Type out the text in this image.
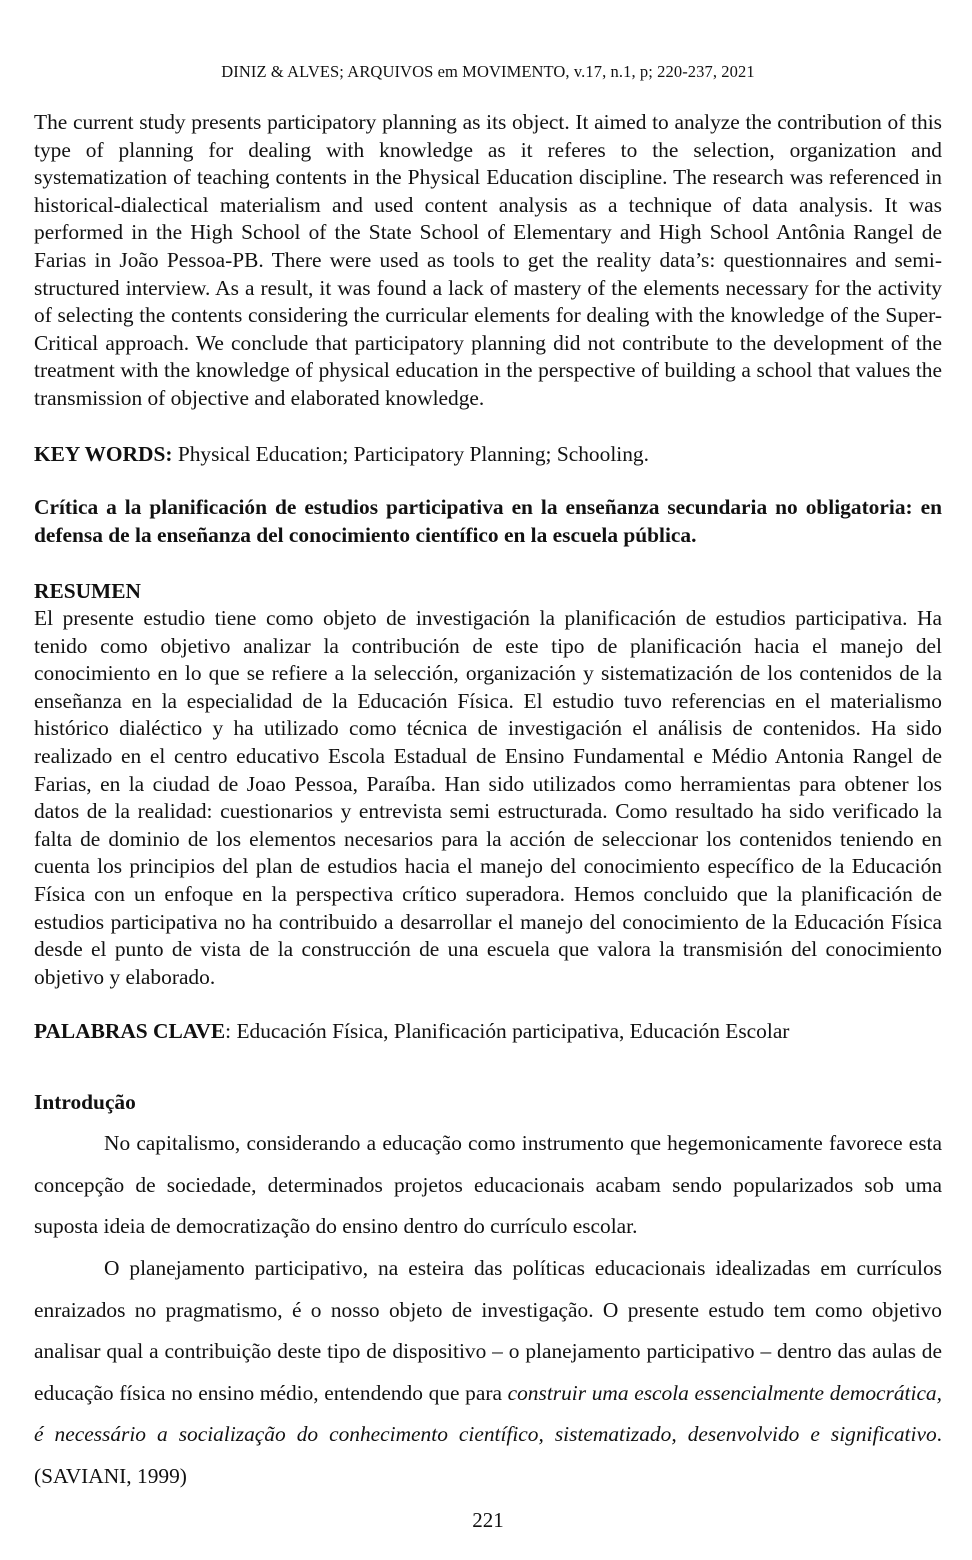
DINIZ & ALVES; ARQUIVOS em MOVIMENTO, v.17, n.1, p; 220-237, 2021
The current study presents participatory planning as its object. It aimed to analyze the contribution of this type of planning for dealing with knowledge as it referes to the selection, organization and systematization of teaching contents in the Physical Education discipline. The research was referenced in historical-dialectical materialism and used content analysis as a technique of data analysis. It was performed in the High School of the State School of Elementary and High School Antônia Rangel de Farias in João Pessoa-PB. There were used as tools to get the reality data’s: questionnaires and semi-structured interview. As a result, it was found a lack of mastery of the elements necessary for the activity of selecting the contents considering the curricular elements for dealing with the knowledge of the Super-Critical approach. We conclude that participatory planning did not contribute to the development of the treatment with the knowledge of physical education in the perspective of building a school that values the transmission of objective and elaborated knowledge.
KEY WORDS: Physical Education; Participatory Planning; Schooling.
Crítica a la planificación de estudios participativa en la enseñanza secundaria no obligatoria: en defensa de la enseñanza del conocimiento científico en la escuela pública.
RESUMEN
El presente estudio tiene como objeto de investigación la planificación de estudios participativa. Ha tenido como objetivo analizar la contribución de este tipo de planificación hacia el manejo del conocimiento en lo que se refiere a la selección, organización y sistematización de los contenidos de la enseñanza en la especialidad de la Educación Física. El estudio tuvo referencias en el materialismo histórico dialéctico y ha utilizado como técnica de investigación el análisis de contenidos. Ha sido realizado en el centro educativo Escola Estadual de Ensino Fundamental e Médio Antonia Rangel de Farias, en la ciudad de Joao Pessoa, Paraíba. Han sido utilizados como herramientas para obtener los datos de la realidad: cuestionarios y entrevista semi estructurada. Como resultado ha sido verificado la falta de dominio de los elementos necesarios para la acción de seleccionar los contenidos teniendo en cuenta los principios del plan de estudios hacia el manejo del conocimiento específico de la Educación Física con un enfoque en la perspectiva crítico superadora. Hemos concluido que la planificación de estudios participativa no ha contribuido a desarrollar el manejo del conocimiento de la Educación Física desde el punto de vista de la construcción de una escuela que valora la transmisión del conocimiento objetivo y elaborado.
PALABRAS CLAVE: Educación Física, Planificación participativa, Educación Escolar
Introdução
No capitalismo, considerando a educação como instrumento que hegemonicamente favorece esta concepção de sociedade, determinados projetos educacionais acabam sendo popularizados sob uma suposta ideia de democratização do ensino dentro do currículo escolar.
O planejamento participativo, na esteira das políticas educacionais idealizadas em currículos enraizados no pragmatismo, é o nosso objeto de investigação. O presente estudo tem como objetivo analisar qual a contribuição deste tipo de dispositivo – o planejamento participativo – dentro das aulas de educação física no ensino médio, entendendo que para construir uma escola essencialmente democrática, é necessário a socialização do conhecimento científico, sistematizado, desenvolvido e significativo. (SAVIANI, 1999)
221
